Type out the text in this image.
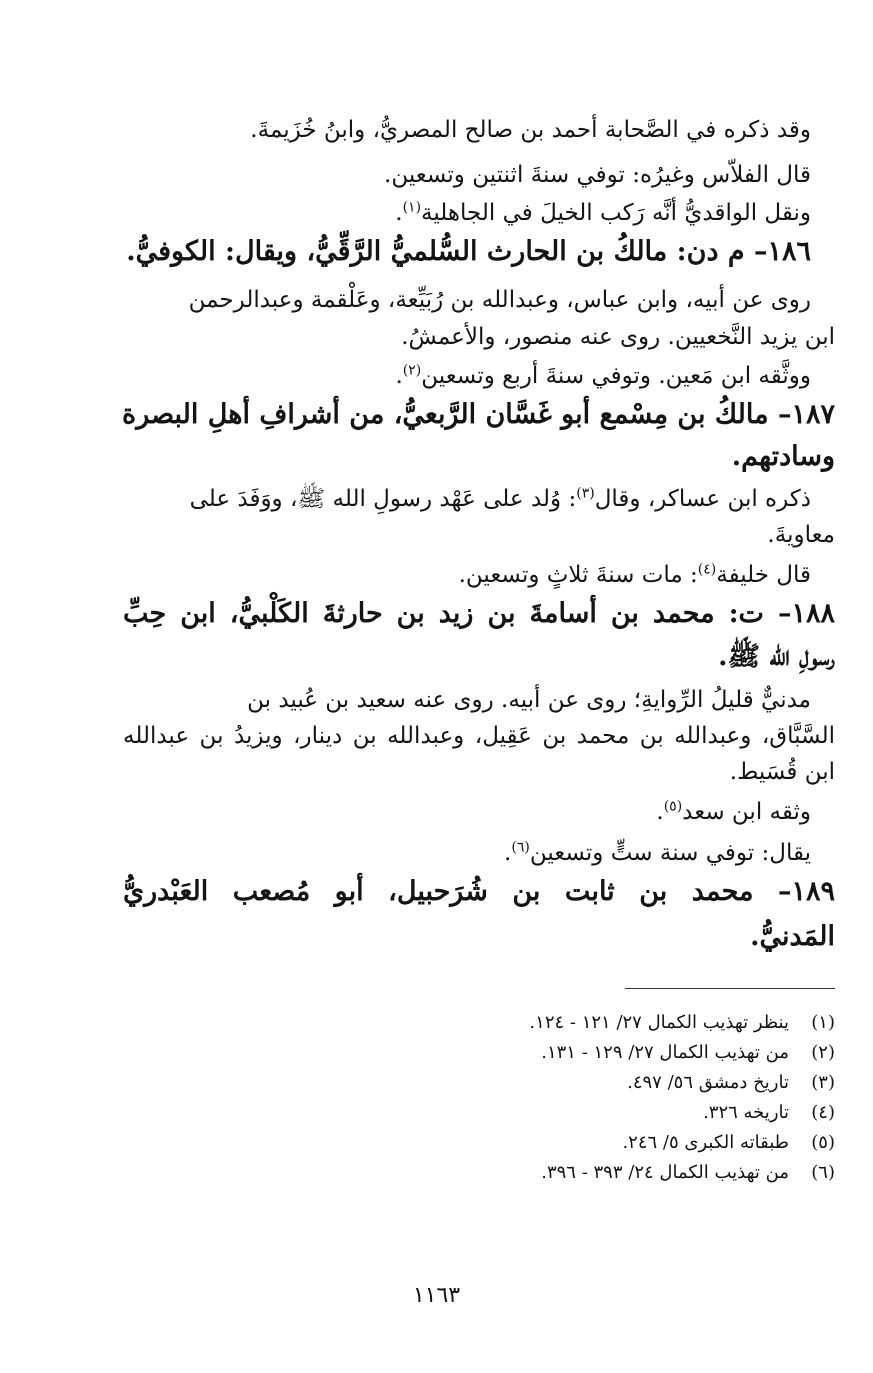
وقد ذكره في الصَّحابة أحمد بن صالح المصريُّ، وابنُ خُزَيمةَ.
قال الفلاّس وغيرُه: توفي سنةَ اثنتين وتسعين.
ونقل الواقديُّ أنَّه رَكب الخيلَ في الجاهلية$^{(١)}$.
١٨٦– م دن: مالكُ بن الحارث السُّلميُّ الرَّقِّيُّ، ويقال: الكوفيُّ.
روى عن أبيه، وابن عباس، وعبدالله بن رُبَيِّعة، وعَلْقمة وعبدالرحمن
ابن يزيد النَّخعيين. روى عنه منصور، والأعمشُ.
ووثَّقه ابن مَعين. وتوفي سنةَ أربع وتسعين$^{(٢)}$.
١٨٧– مالكُ بن مِسْمع أبو غَسَّان الرَّبعيُّ، من أشرافِ أهلِ البصرة
وسادتهم.
ذكره ابن عساكر، وقال$^{(٣)}$: وُلد على عَهْد رسولِ الله ﷺ، ووَفَدَ على
معاويةَ.
قال خليفة$^{(٤)}$: مات سنةَ ثلاثٍ وتسعين.
١٨٨– ت: محمد بن أسامةَ بن زيد بن حارثةَ الكَلْبيُّ، ابن حِبِّ
رسولِ الله ﷺ.
مدنيٌّ قليلُ الرِّوايةِ؛ روى عن أبيه. روى عنه سعيد بن عُبيد بن
السَّبَّاق، وعبدالله بن محمد بن عَقِيل، وعبدالله بن دينار، ويزيدُ بن عبدالله
ابن قُسَيط.
وثقه ابن سعد$^{(٥)}$.
يقال: توفي سنة ستٍّ وتسعين$^{(٦)}$.
١٨٩– محمد بن ثابت بن شُرَحبيل، أبو مُصعب العَبْدريُّ
المَدنيُّ.
(١)ينظر تهذيب الكمال ٢٧/ ١٢١ - ١٢٤.
(٢)من تهذيب الكمال ٢٧/ ١٢٩ - ١٣١.
(٣)تاريخ دمشق ٥٦/ ٤٩٧.
(٤)تاريخه ٣٢٦.
(٥)طبقاته الكبرى ٥/ ٢٤٦.
(٦)من تهذيب الكمال ٢٤/ ٣٩٣ - ٣٩٦.
١١٦٣
